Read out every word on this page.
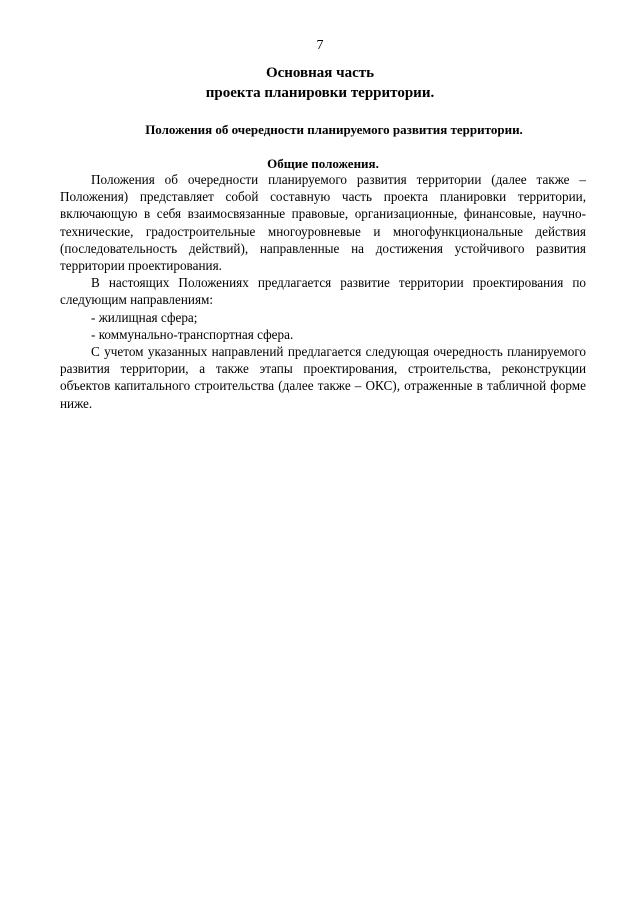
7
Основная часть
проекта планировки территории.
Положения об очередности планируемого развития территории.
Общие положения.

Положения об очередности планируемого развития территории (далее также – Положения) представляет собой составную часть проекта планировки территории, включающую в себя взаимосвязанные правовые, организационные, финансовые, научно-технические, градостроительные многоуровневые и многофункциональные действия (последовательность действий), направленные на достижения устойчивого развития территории проектирования.

В настоящих Положениях предлагается развитие территории проектирования по следующим направлениям:

- жилищная сфера;

- коммунально-транспортная сфера.

С учетом указанных направлений предлагается следующая очередность планируемого развития территории, а также этапы проектирования, строительства, реконструкции объектов капитального строительства (далее также – ОКС), отраженные в табличной форме ниже.
